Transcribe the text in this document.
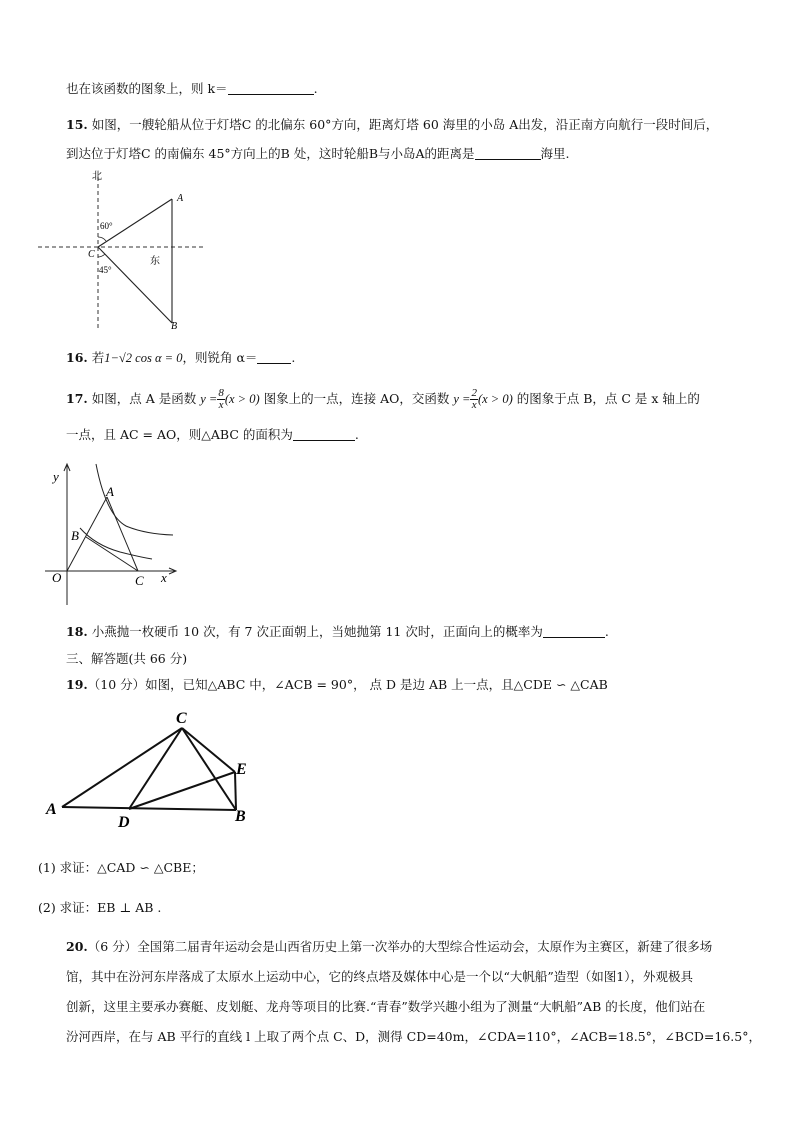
也在该函数的图象上，则 k＝	.
15. 如图，一艘轮船从位于灯塔C 的北偏东 60°方向，距离灯塔 60 海里的小岛 A出发，沿正南方向航行一段时间后，
到达位于灯塔C 的南偏东 45°方向上的B 处，这时轮船B与小岛A的距离是	海里.
北
60°
45°
东
A
B
C
16. 若1−√2 cos α = 0，则锐角 α＝	.
17. 如图，点 A 是函数 $y = \frac{8}{x} (x > 0)$ 图象上的一点，连接 AO，交函数 $y = \frac{2}{x} (x > 0)$ 的图象于点 B，点 C 是 x 轴上的
一点，且 AC = AO，则△ABC 的面积为	.
y
x
O
A
B
C
18. 小燕抛一枚硬币 10 次，有 7 次正面朝上，当她抛第 11 次时，正面向上的概率为	.
三、解答题(共 66 分)
19.（10 分）如图，已知△ABC 中，∠ACB = 90°， 点 D 是边 AB 上一点，且△CDE ∽ △CAB
A	B
C
D
E
(1) 求证：△CAD ∽ △CBE；
(2) 求证：EB ⊥ AB .
20.（6 分）全国第二届青年运动会是山西省历史上第一次举办的大型综合性运动会，太原作为主赛区，新建了很多场
馆，其中在汾河东岸落成了太原水上运动中心，它的终点塔及媒体中心是一个以“大帆船”造型（如图1），外观极具
创新，这里主要承办赛艇、皮划艇、龙舟等项目的比赛.“青春”数学兴趣小组为了测量“大帆船”AB 的长度，他们站在
汾河西岸，在与 AB 平行的直线 l 上取了两个点 C、D，测得 CD=40m，∠CDA=110°，∠ACB=18.5°，∠BCD=16.5°，
